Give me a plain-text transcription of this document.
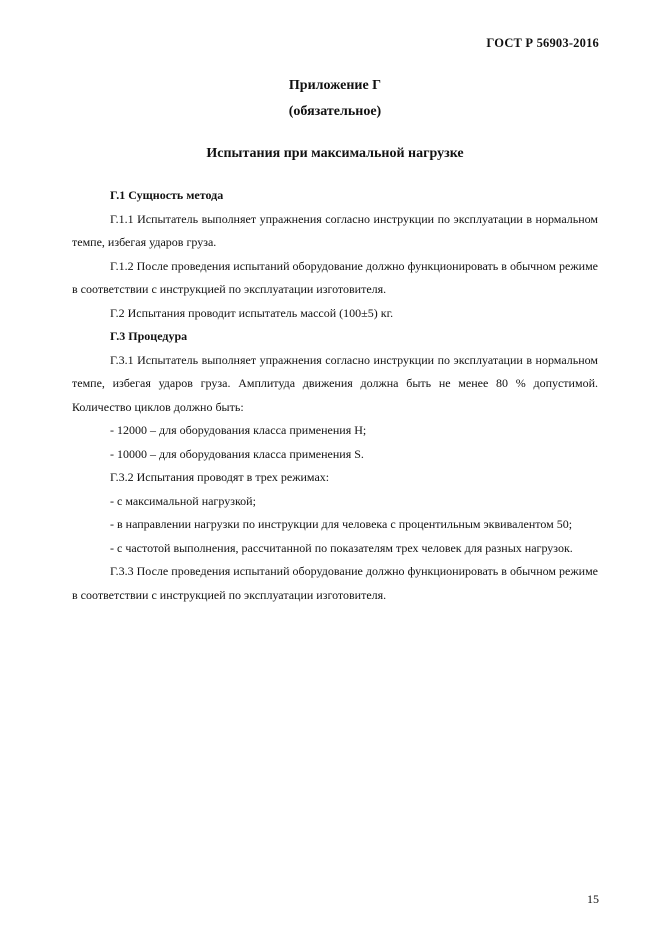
ГОСТ Р 56903-2016
Приложение Г
(обязательное)
Испытания при максимальной нагрузке

Г.1 Сущность метода

Г.1.1 Испытатель выполняет упражнения согласно инструкции по эксплуатации в нормальном темпе, избегая ударов груза.

Г.1.2 После проведения испытаний оборудование должно функционировать в обычном режиме в соответствии с инструкцией по эксплуатации изготовителя.

Г.2 Испытания проводит испытатель массой (100±5) кг.

Г.3 Процедура

Г.3.1 Испытатель выполняет упражнения согласно инструкции по эксплуатации в нормальном темпе, избегая ударов груза. Амплитуда движения должна быть не менее 80 % допустимой. Количество циклов должно быть:

- 12000 – для оборудования класса применения H;

- 10000 – для оборудования класса применения S.

Г.3.2 Испытания проводят в трех режимах:

- с максимальной нагрузкой;

- в направлении нагрузки по инструкции для человека с процентильным эквивалентом 50;

- с частотой выполнения, рассчитанной по показателям трех человек для разных нагрузок.

Г.3.3 После проведения испытаний оборудование должно функционировать в обычном режиме в соответствии с инструкцией по эксплуатации изготовителя.

15
